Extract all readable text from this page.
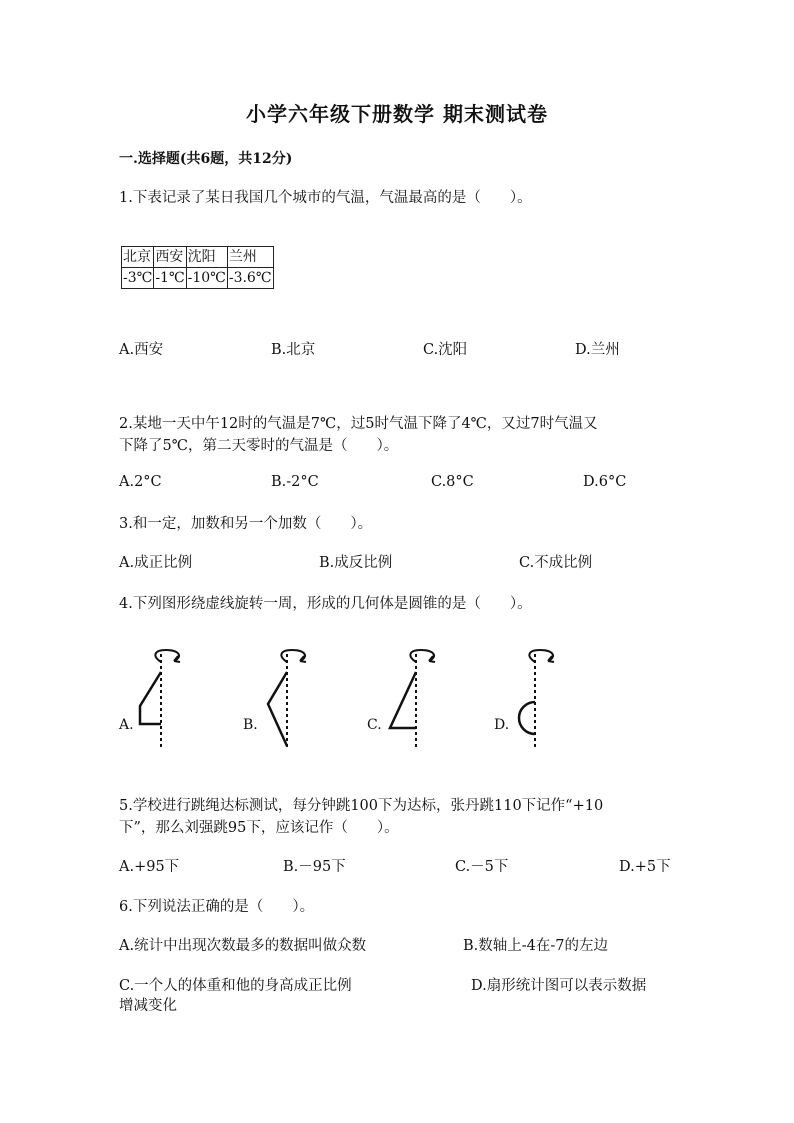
小学六年级下册数学 期末测试卷
一.选择题(共6题，共12分)
1.下表记录了某日我国几个城市的气温，气温最高的是（　　）。
北京	西安	沈阳	兰州
-3℃	-1℃	-10℃	-3.6℃
A.西安	B.北京	C.沈阳	D.兰州
2.某地一天中午12时的气温是7℃，过5时气温下降了4℃，又过7时气温又
下降了5℃，第二天零时的气温是（　　）。
A.2°C	B.-2°C	C.8°C	D.6°C
3.和一定，加数和另一个加数（　　）。
A.成正比例	B.成反比例	C.不成比例
4.下列图形绕虚线旋转一周，形成的几何体是圆锥的是（　　）。
A.	B.	C.	D.
5.学校进行跳绳达标测试，每分钟跳100下为达标，张丹跳110下记作“+10
下”，那么刘强跳95下，应该记作（　　）。
A.+95下	B.－95下	C.－5下	D.+5下
6.下列说法正确的是（　　）。
A.统计中出现次数最多的数据叫做众数	B.数轴上-4在-7的左边
C.一个人的体重和他的身高成正比例	D.扇形统计图可以表示数据
增减变化
